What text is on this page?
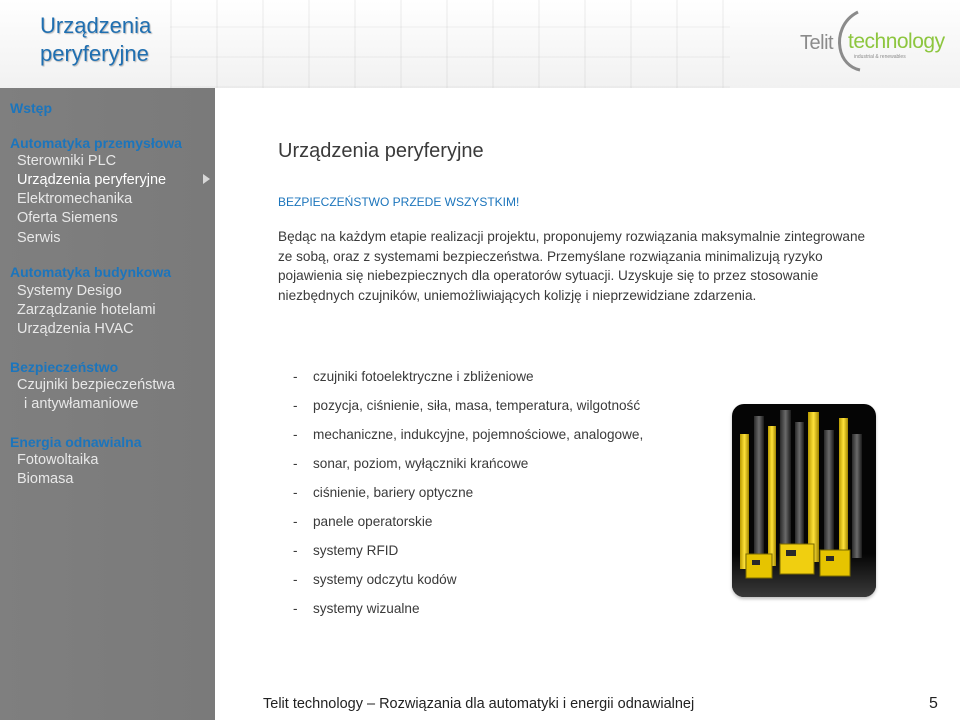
Urządzenia
peryferyjne	Telit technology
industrial & renewables
Wstęp
Automatyka przemysłowa
Sterowniki PLC
Urządzenia peryferyjne
Elektromechanika
Oferta Siemens
Serwis
Automatyka budynkowa
Systemy Desigo
Zarządzanie hotelami
Urządzenia HVAC
Bezpieczeństwo
Czujniki bezpieczeństwa
i antywłamaniowe
Energia odnawialna
Fotowoltaika
Biomasa
Urządzenia peryferyjne
BEZPIECZEŃSTWO PRZEDE WSZYSTKIM!

Będąc na każdym etapie realizacji projektu, proponujemy rozwiązania maksymalnie zintegrowane ze sobą, oraz z systemami bezpieczeństwa. Przemyślane rozwiązania minimalizują ryzyko pojawienia się niebezpiecznych dla operatorów sytuacji. Uzyskuje się to przez stosowanie niezbędnych czujników, uniemożliwiających kolizję i nieprzewidziane zdarzenia.

- czujniki fotoelektryczne i zbliżeniowe
- pozycja, ciśnienie, siła, masa, temperatura, wilgotność
- mechaniczne, indukcyjne, pojemnościowe, analogowe,
- sonar, poziom, wyłączniki krańcowe
- ciśnienie, bariery optyczne
- panele operatorskie
- systemy RFID
- systemy odczytu kodów
- systemy wizualne
Telit technology – Rozwiązania dla automatyki i energii odnawialnej	5
